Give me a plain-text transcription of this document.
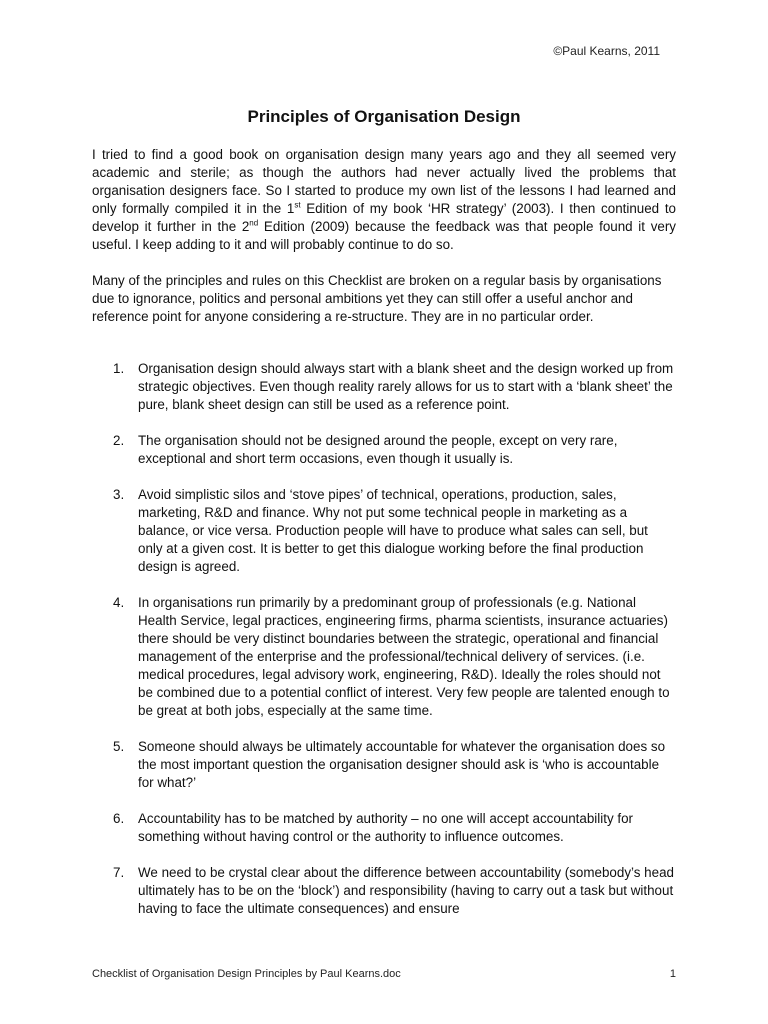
©Paul Kearns, 2011
Principles of Organisation Design

I tried to find a good book on organisation design many years ago and they all seemed very academic and sterile; as though the authors had never actually lived the problems that organisation designers face. So I started to produce my own list of the lessons I had learned and only formally compiled it in the 1st Edition of my book ‘HR strategy’ (2003). I then continued to develop it further in the 2nd Edition (2009) because the feedback was that people found it very useful. I keep adding to it and will probably continue to do so.

Many of the principles and rules on this Checklist are broken on a regular basis by organisations due to ignorance, politics and personal ambitions yet they can still offer a useful anchor and reference point for anyone considering a re-structure. They are in no particular order.

1. Organisation design should always start with a blank sheet and the design worked up from strategic objectives. Even though reality rarely allows for us to start with a ‘blank sheet’ the pure, blank sheet design can still be used as a reference point.
2. The organisation should not be designed around the people, except on very rare, exceptional and short term occasions, even though it usually is.
3. Avoid simplistic silos and ‘stove pipes’ of technical, operations, production, sales, marketing, R&D and finance. Why not put some technical people in marketing as a balance, or vice versa. Production people will have to produce what sales can sell, but only at a given cost. It is better to get this dialogue working before the final production design is agreed.
4. In organisations run primarily by a predominant group of professionals (e.g. National Health Service, legal practices, engineering firms, pharma scientists, insurance actuaries) there should be very distinct boundaries between the strategic, operational and financial management of the enterprise and the professional/technical delivery of services. (i.e. medical procedures, legal advisory work, engineering, R&D). Ideally the roles should not be combined due to a potential conflict of interest. Very few people are talented enough to be great at both jobs, especially at the same time.
5. Someone should always be ultimately accountable for whatever the organisation does so the most important question the organisation designer should ask is ‘who is accountable for what?’
6. Accountability has to be matched by authority – no one will accept accountability for something without having control or the authority to influence outcomes.
7. We need to be crystal clear about the difference between accountability (somebody’s head ultimately has to be on the ‘block’) and responsibility (having to carry out a task but without having to face the ultimate consequences) and ensure
Checklist of Organisation Design Principles by Paul Kearns.doc	1
